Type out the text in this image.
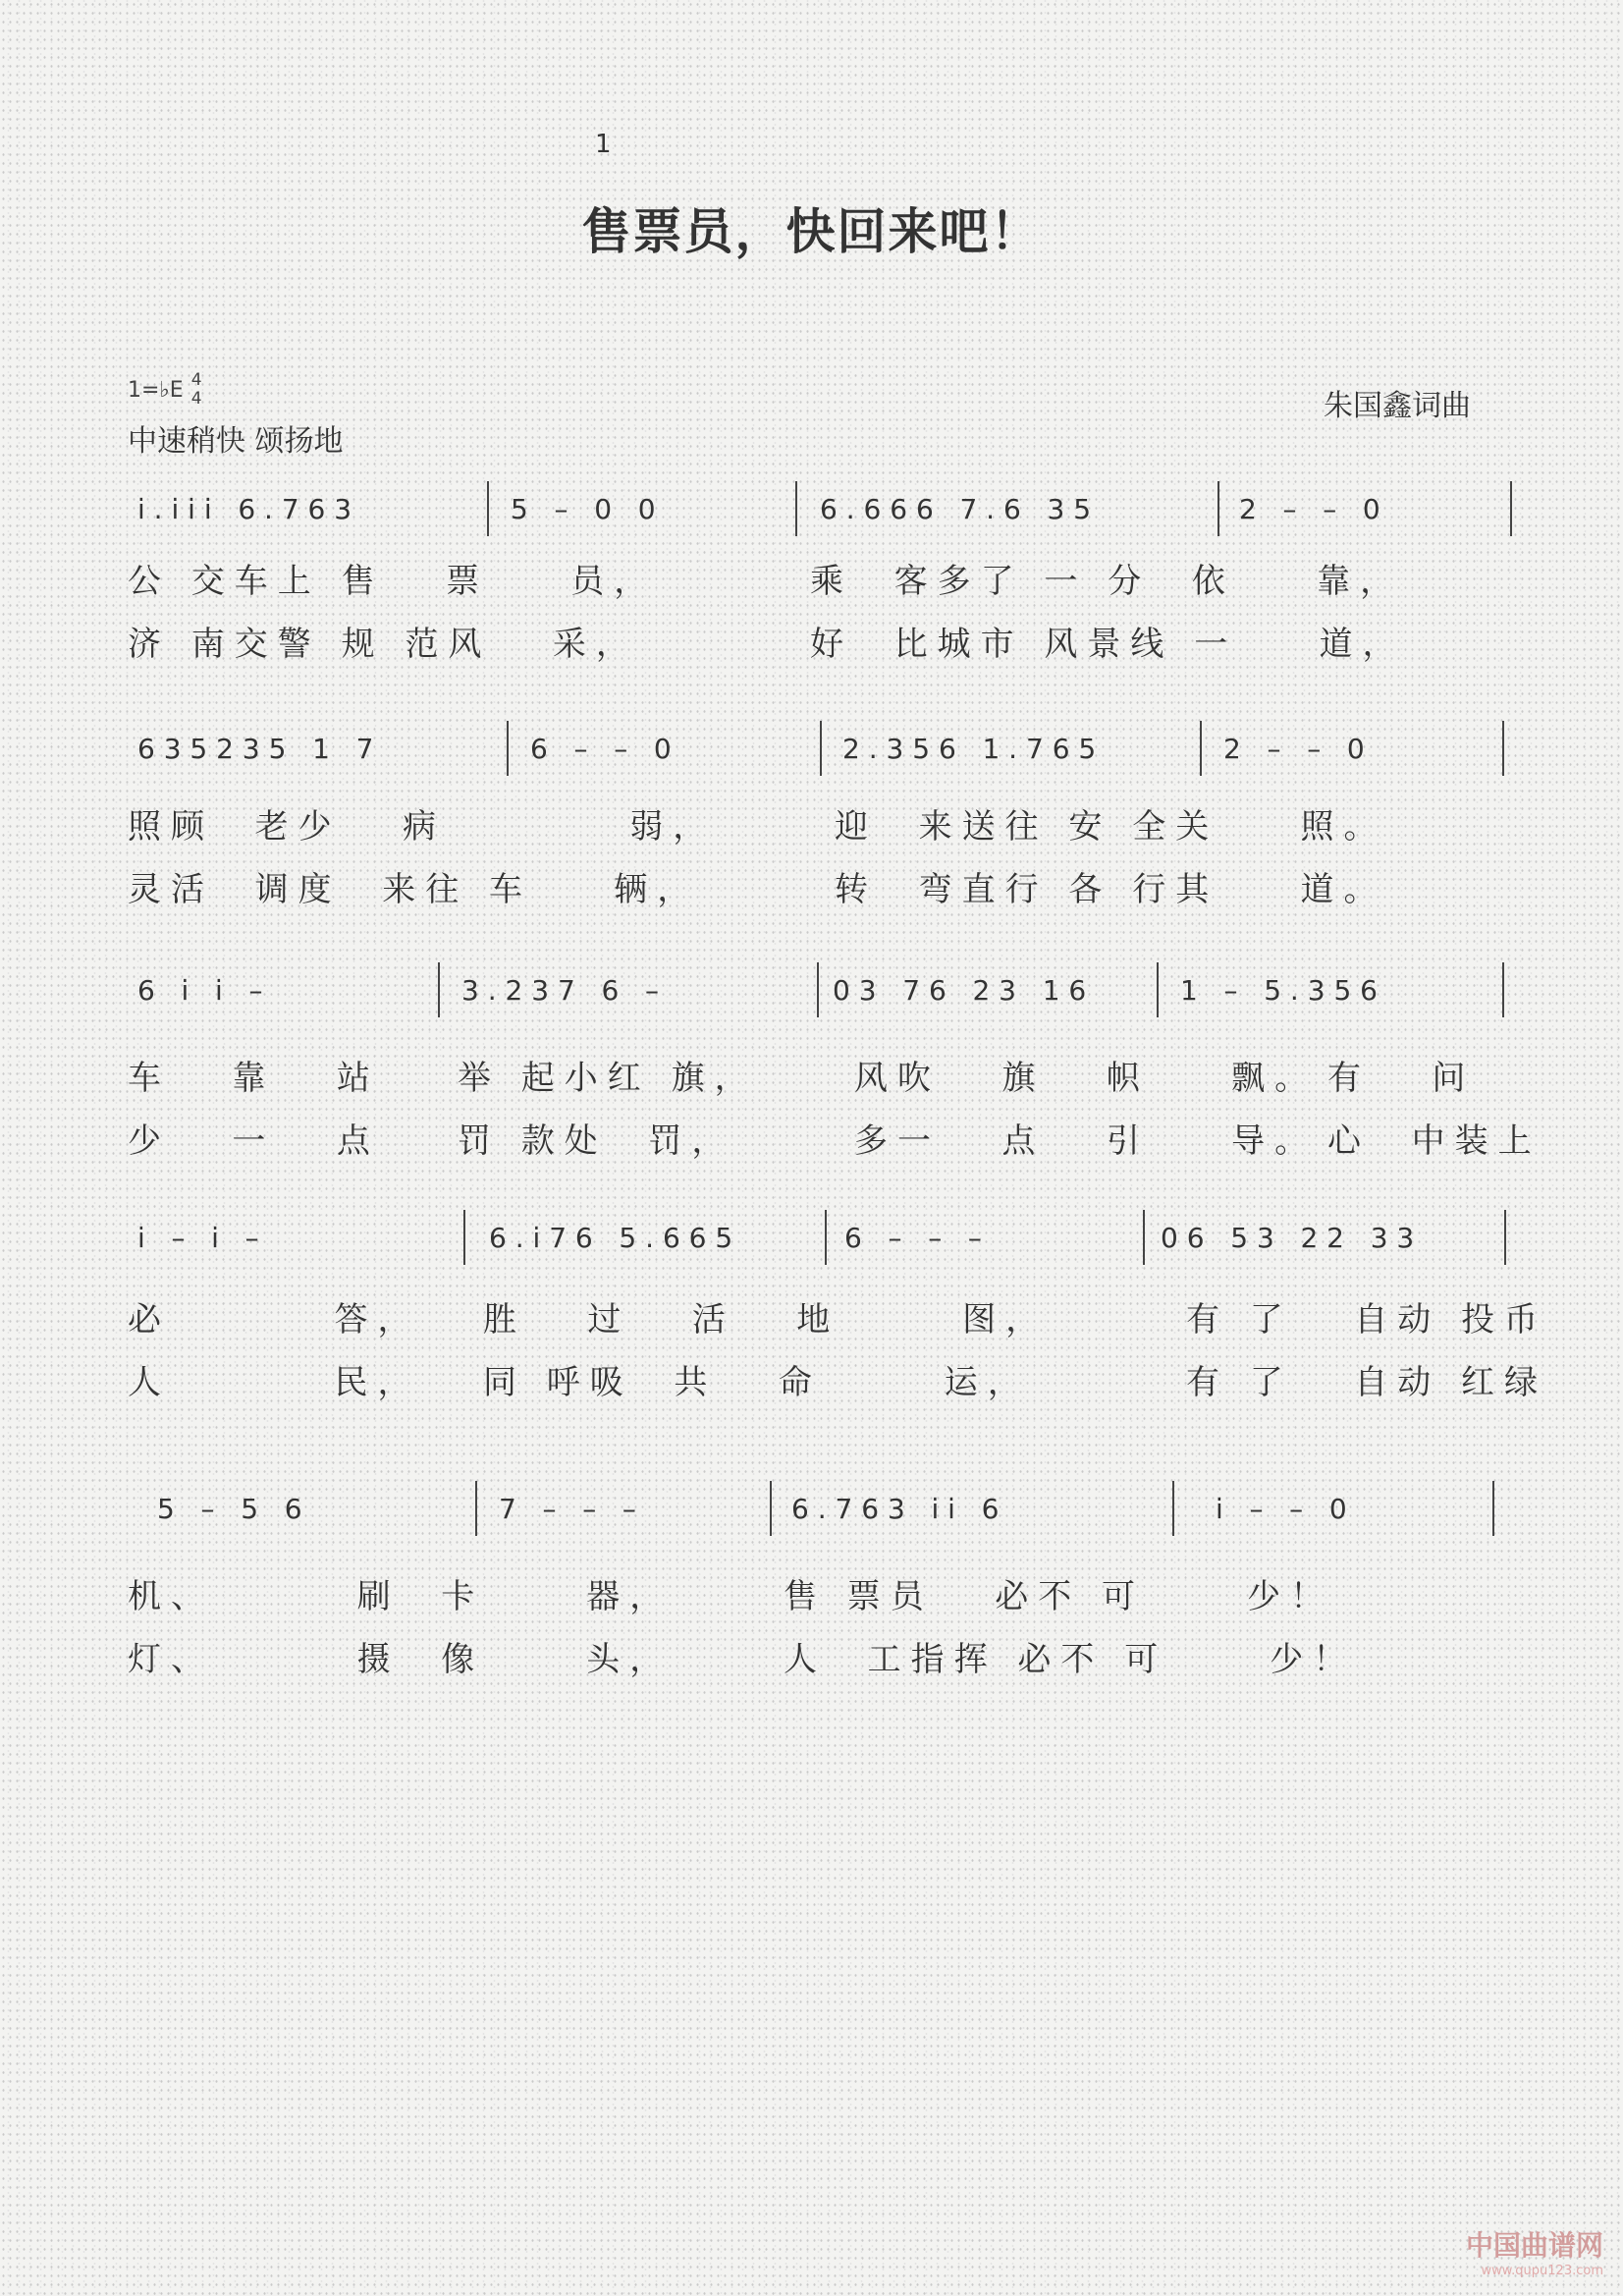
1
售票员，快回来吧！
1=♭E 4
4
中速稍快 颂扬地
朱国鑫词曲

i̇ . i̇ i̇ i̇   6 . 7 6 3

	5   –   0   0

	6 . 6 6 6   7 . 6   3 5

	2   –   –   0

公 交车上 售   票    员，	乘  客多了 一 分  依    靠，
济 南交警 规 范风   采，	好  比城市 风景线 一    道，

6 3 5 2 3 5   1   7

	6   –   –   0

	2 . 3 5 6   1 . 7 6 5

	2   –   –   0

照顾  老少   病         弱，	迎  来送往 安 全关    照。
灵活  调度  来往 车    辆，	转  弯直行 各 行其    道。

6   i̇   i̇   –

	3 . 2 3 7   6   –

	0 3   7 6   2 3   1 6

	1   –   5 . 3 5 6

车   靠   站 举 起小红 旗，	风吹   旗   帜    飘。 有   问
少   一   点 罚 款处  罚，	多一   点   引    导。 心  中装上

i̇   –   i̇   –

	6 . i̇ 7 6   5 . 6 6 5

	6   –   –   –

	0 6   5 3   2 2   3 3

必        答， 胜   过   活   地      图，	有 了   自动 投币
人        民， 同 呼吸  共   命      运，	有 了   自动 红绿

5   –   5   6

	7   –   –   –

	6 . 7 6 3   i̇ i̇   6

	i̇   –   –   0

机、       刷  卡     器，	售 票员   必不 可     少！
灯、       摄  像     头，	人  工指挥 必不 可     少！
中国曲谱网
www.qupu123.com
